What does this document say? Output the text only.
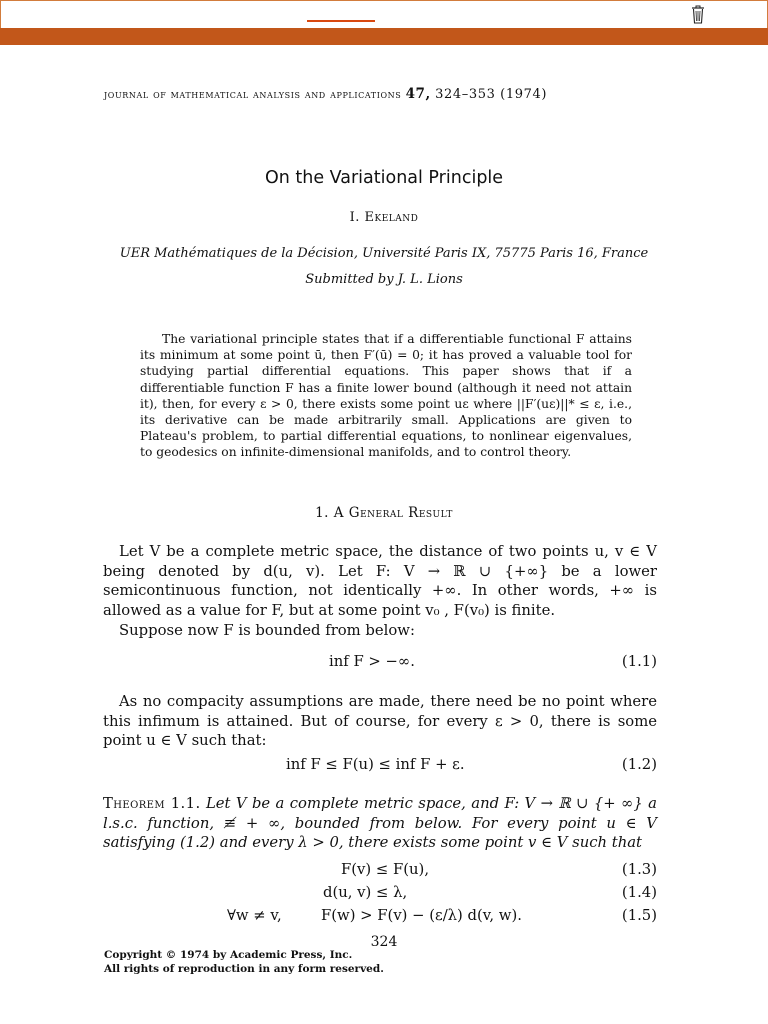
journal of mathematical analysis and applications 47, 324–353 (1974)
On the Variational Principle
I. Ekeland
UER Mathématiques de la Décision, Université Paris IX, 75775 Paris 16, France
Submitted by J. L. Lions
The variational principle states that if a differentiable functional F attains its minimum at some point ū, then F′(ū) = 0; it has proved a valuable tool for studying partial differential equations. This paper shows that if a differentiable function F has a finite lower bound (although it need not attain it), then, for every ε > 0, there exists some point uε where ||F′(uε)||* ≤ ε, i.e., its derivative can be made arbitrarily small. Applications are given to Plateau's problem, to partial differential equations, to nonlinear eigenvalues, to geodesics on infinite-dimensional manifolds, and to control theory.
1. A General Result
Let V be a complete metric space, the distance of two points u, v ∈ V being denoted by d(u, v). Let F: V → ℝ ∪ {+∞} be a lower semicontinuous function, not identically +∞. In other words, +∞ is allowed as a value for F, but at some point v₀ , F(v₀) is finite.
Suppose now F is bounded from below:
inf F > −∞.	(1.1)
As no compacity assumptions are made, there need be no point where this infimum is attained. But of course, for every ε > 0, there is some point u ∈ V such that:
inf F ≤ F(u) ≤ inf F + ε.	(1.2)
Theorem 1.1. Let V be a complete metric space, and F: V → ℝ ∪ {+ ∞} a l.s.c. function, ≢ + ∞, bounded from below. For every point u ∈ V satisfying (1.2) and every λ > 0, there exists some point v ∈ V such that
F(v) ≤ F(u),	(1.3)
d(u, v) ≤ λ,	(1.4)
∀w ≠ v,	F(w) > F(v) − (ε/λ) d(v, w).	(1.5)
324
Copyright © 1974 by Academic Press, Inc.
All rights of reproduction in any form reserved.
